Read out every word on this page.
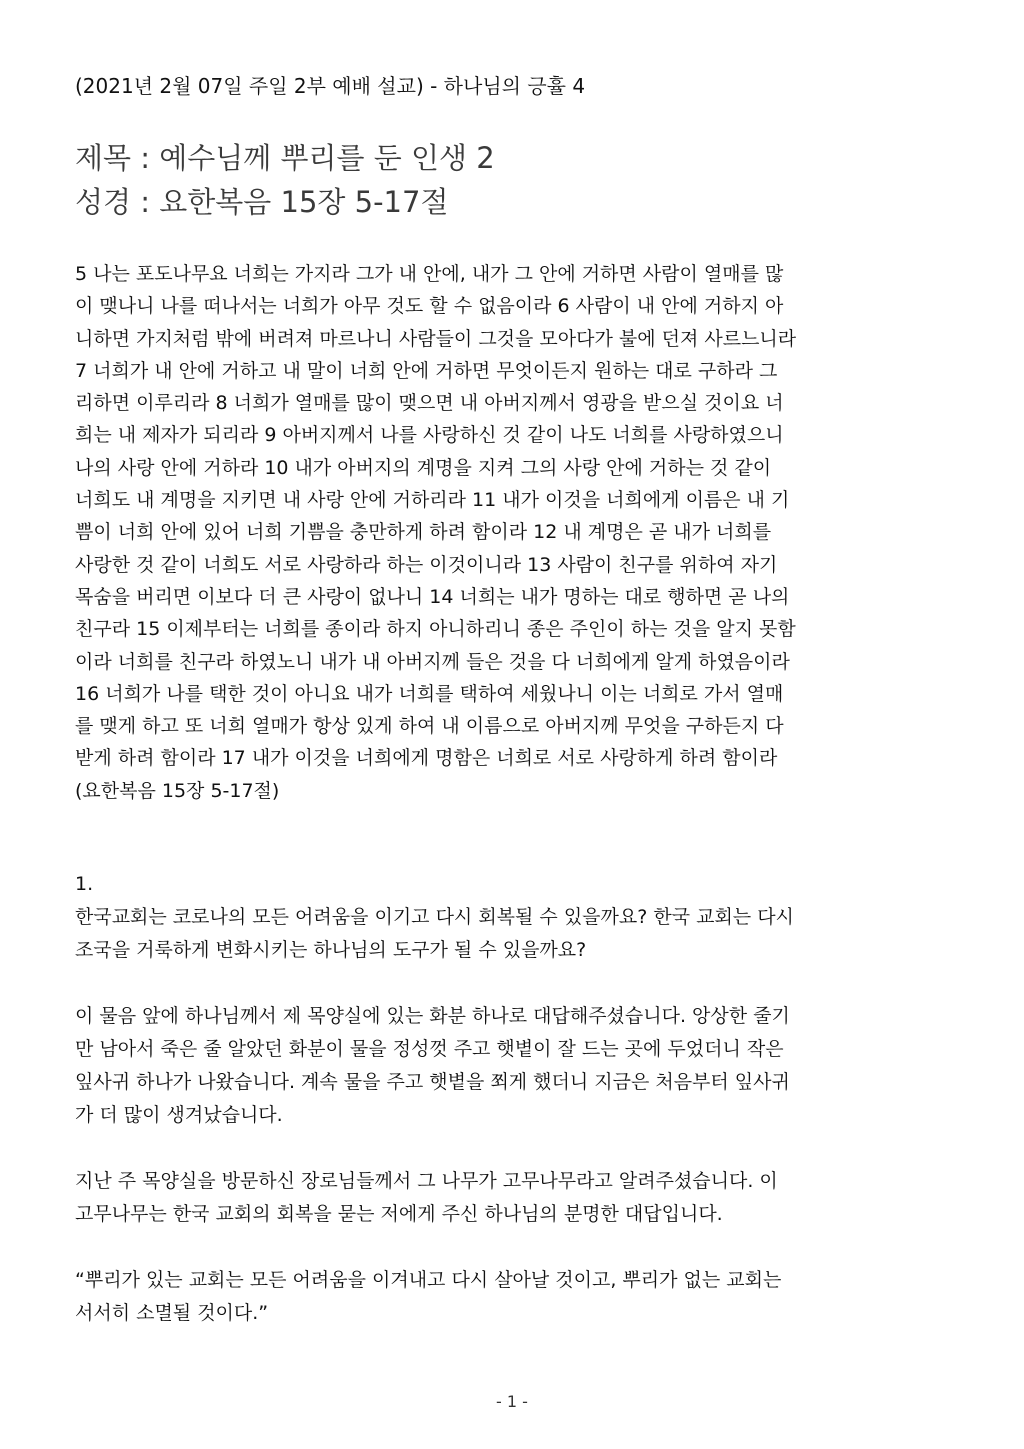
(2021년 2월 07일 주일 2부 예배 설교) - 하나님의 긍휼 4
제목 : 예수님께 뿌리를 둔 인생 2
성경 : 요한복음 15장 5-17절
5 나는 포도나무요 너희는 가지라 그가 내 안에, 내가 그 안에 거하면 사람이 열매를 많
이 맺나니 나를 떠나서는 너희가 아무 것도 할 수 없음이라 6 사람이 내 안에 거하지 아
니하면 가지처럼 밖에 버려져 마르나니 사람들이 그것을 모아다가 불에 던져 사르느니라
7 너희가 내 안에 거하고 내 말이 너희 안에 거하면 무엇이든지 원하는 대로 구하라 그
리하면 이루리라 8 너희가 열매를 많이 맺으면 내 아버지께서 영광을 받으실 것이요 너
희는 내 제자가 되리라 9 아버지께서 나를 사랑하신 것 같이 나도 너희를 사랑하였으니
나의 사랑 안에 거하라 10 내가 아버지의 계명을 지켜 그의 사랑 안에 거하는 것 같이
너희도 내 계명을 지키면 내 사랑 안에 거하리라 11 내가 이것을 너희에게 이름은 내 기
쁨이 너희 안에 있어 너희 기쁨을 충만하게 하려 함이라 12 내 계명은 곧 내가 너희를
사랑한 것 같이 너희도 서로 사랑하라 하는 이것이니라 13 사람이 친구를 위하여 자기
목숨을 버리면 이보다 더 큰 사랑이 없나니 14 너희는 내가 명하는 대로 행하면 곧 나의
친구라 15 이제부터는 너희를 종이라 하지 아니하리니 종은 주인이 하는 것을 알지 못함
이라 너희를 친구라 하였노니 내가 내 아버지께 들은 것을 다 너희에게 알게 하였음이라
16 너희가 나를 택한 것이 아니요 내가 너희를 택하여 세웠나니 이는 너희로 가서 열매
를 맺게 하고 또 너희 열매가 항상 있게 하여 내 이름으로 아버지께 무엇을 구하든지 다
받게 하려 함이라 17 내가 이것을 너희에게 명함은 너희로 서로 사랑하게 하려 함이라
(요한복음 15장 5-17절)
1.
한국교회는 코로나의 모든 어려움을 이기고 다시 회복될 수 있을까요? 한국 교회는 다시
조국을 거룩하게 변화시키는 하나님의 도구가 될 수 있을까요?
이 물음 앞에 하나님께서 제 목양실에 있는 화분 하나로 대답해주셨습니다. 앙상한 줄기
만 남아서 죽은 줄 알았던 화분이 물을 정성껏 주고 햇볕이 잘 드는 곳에 두었더니 작은
잎사귀 하나가 나왔습니다. 계속 물을 주고 햇볕을 쬐게 했더니 지금은 처음부터 잎사귀
가 더 많이 생겨났습니다.
지난 주 목양실을 방문하신 장로님들께서 그 나무가 고무나무라고 알려주셨습니다. 이
고무나무는 한국 교회의 회복을 묻는 저에게 주신 하나님의 분명한 대답입니다.
“뿌리가 있는 교회는 모든 어려움을 이겨내고 다시 살아날 것이고, 뿌리가 없는 교회는
서서히 소멸될 것이다.”
- 1 -
